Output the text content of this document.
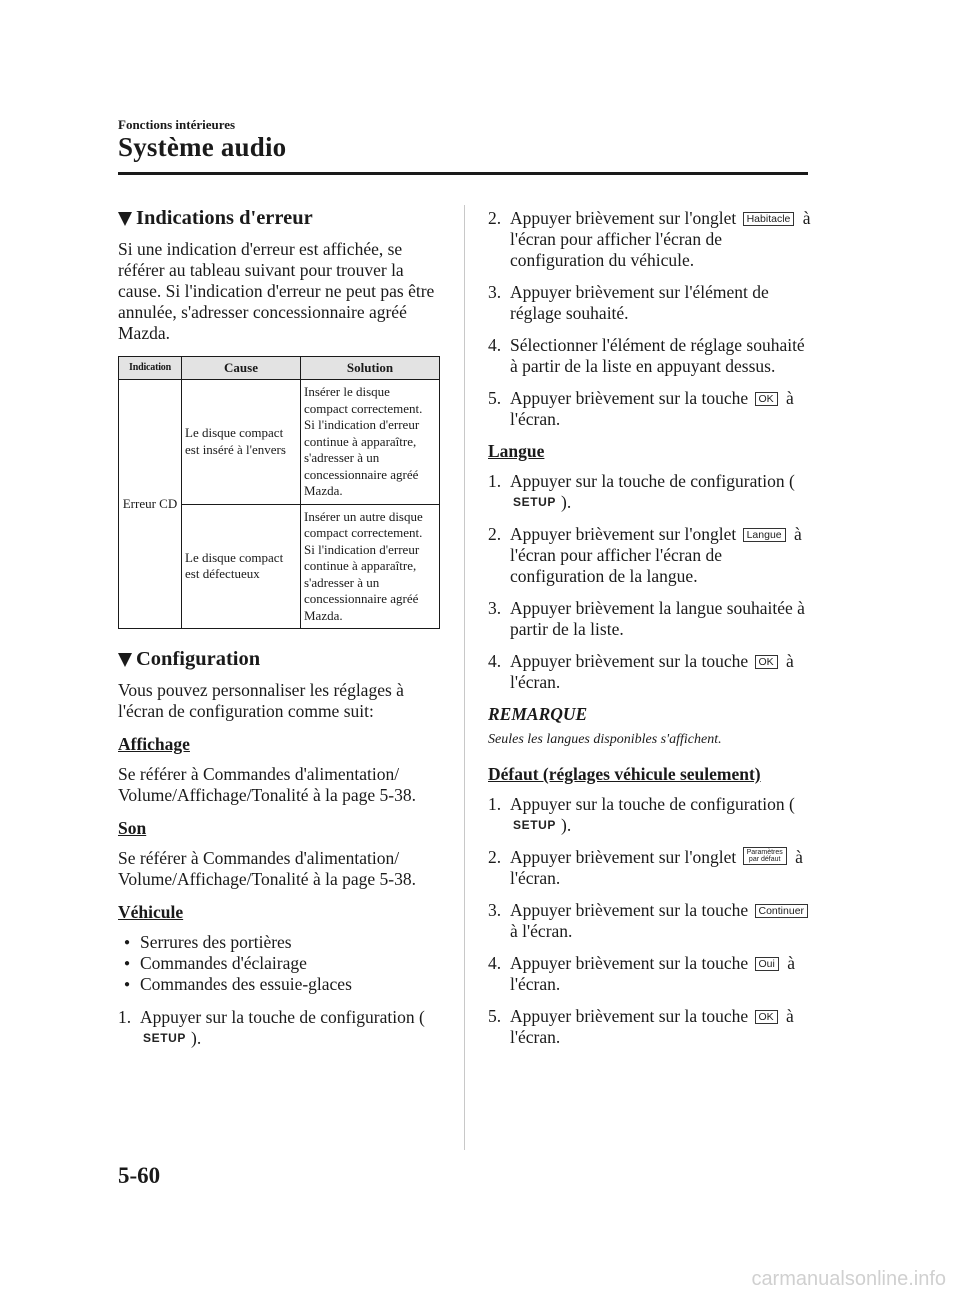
Fonctions intérieures
Système audio
Indications d'erreur

Si une indication d'erreur est affichée, se référer au tableau suivant pour trouver la cause. Si l'indication d'erreur ne peut pas être annulée, s'adresser concessionnaire agréé Mazda.

Indication	Cause	Solution
Erreur CD	Le disque compact est inséré à l'envers	Insérer le disque compact correctement. Si l'indication d'erreur continue à apparaître, s'adresser à un concessionnaire agréé Mazda.
	Le disque compact est défectueux	Insérer un autre disque compact correctement. Si l'indication d'erreur continue à apparaître, s'adresser à un concessionnaire agréé Mazda.
Configuration

Vous pouvez personnaliser les réglages à l'écran de configuration comme suit:

Affichage

Se référer à Commandes d'alimentation/ Volume/Affichage/Tonalité à la page 5-38.

Son

Se référer à Commandes d'alimentation/ Volume/Affichage/Tonalité à la page 5-38.

Véhicule
● Serrures des portières
● Commandes d'éclairage
● Commandes des essuie-glaces
1. Appuyer sur la touche de configuration (SETUP ).
2. Appuyer brièvement sur l'onglet Habitacle à l'écran pour afficher l'écran de configuration du véhicule.
3. Appuyer brièvement sur l'élément de réglage souhaité.
4. Sélectionner l'élément de réglage souhaité à partir de la liste en appuyant dessus.
5. Appuyer brièvement sur la touche OK à l'écran.
Langue
1. Appuyer sur la touche de configuration (SETUP ).
2. Appuyer brièvement sur l'onglet Langue à l'écran pour afficher l'écran de configuration de la langue.
3. Appuyer brièvement la langue souhaitée à partir de la liste.
4. Appuyer brièvement sur la touche OK à l'écran.
REMARQUE
Seules les langues disponibles s'affichent.
Défaut (réglages véhicule seulement)
1. Appuyer sur la touche de configuration (SETUP ).
2. Appuyer brièvement sur l'onglet Paramètres
par défaut à l'écran.
3. Appuyer brièvement sur la touche Continuer à l'écran.
4. Appuyer brièvement sur la touche Oui à l'écran.
5. Appuyer brièvement sur la touche OK à l'écran.
5-60
carmanualsonline.info
